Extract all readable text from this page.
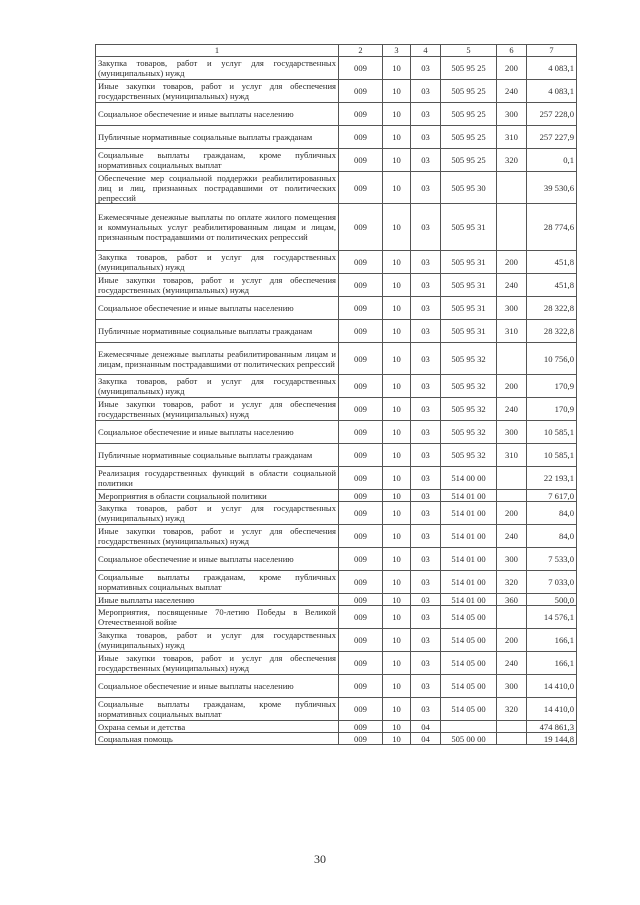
1	2	3	4	5	6	7
Закупка товаров, работ и услуг для государственных (муниципальных) нужд	009	10	03	505 95 25	200	4 083,1
Иные закупки товаров, работ и услуг для обеспечения государственных (муниципальных) нужд	009	10	03	505 95 25	240	4 083,1
Социальное обеспечение и иные выплаты населению	009	10	03	505 95 25	300	257 228,0
Публичные нормативные социальные выплаты гражданам	009	10	03	505 95 25	310	257 227,9
Социальные выплаты гражданам, кроме публичных нормативных социальных выплат	009	10	03	505 95 25	320	0,1
Обеспечение мер социальной поддержки реабилитированных лиц и лиц, признанных пострадавшими от политических репрессий	009	10	03	505 95 30		39 530,6
Ежемесячные денежные выплаты по оплате жилого помещения и коммунальных услуг реабилитированным лицам и лицам, признанным пострадавшими от политических репрессий	009	10	03	505 95 31		28 774,6
Закупка товаров, работ и услуг для государственных (муниципальных) нужд	009	10	03	505 95 31	200	451,8
Иные закупки товаров, работ и услуг для обеспечения государственных (муниципальных) нужд	009	10	03	505 95 31	240	451,8
Социальное обеспечение и иные выплаты населению	009	10	03	505 95 31	300	28 322,8
Публичные нормативные социальные выплаты гражданам	009	10	03	505 95 31	310	28 322,8
Ежемесячные денежные выплаты реабилитированным лицам и лицам, признанным пострадавшими от политических репрессий	009	10	03	505 95 32		10 756,0
Закупка товаров, работ и услуг для государственных (муниципальных) нужд	009	10	03	505 95 32	200	170,9
Иные закупки товаров, работ и услуг для обеспечения государственных (муниципальных) нужд	009	10	03	505 95 32	240	170,9
Социальное обеспечение и иные выплаты населению	009	10	03	505 95 32	300	10 585,1
Публичные нормативные социальные выплаты гражданам	009	10	03	505 95 32	310	10 585,1
Реализация государственных функций в области социальной политики	009	10	03	514 00 00		22 193,1
Мероприятия в области социальной политики	009	10	03	514 01 00		7 617,0
Закупка товаров, работ и услуг для государственных (муниципальных) нужд	009	10	03	514 01 00	200	84,0
Иные закупки товаров, работ и услуг для обеспечения государственных (муниципальных) нужд	009	10	03	514 01 00	240	84,0
Социальное обеспечение и иные выплаты населению	009	10	03	514 01 00	300	7 533,0
Социальные выплаты гражданам, кроме публичных нормативных социальных выплат	009	10	03	514 01 00	320	7 033,0
Иные выплаты населению	009	10	03	514 01 00	360	500,0
Мероприятия, посвященные 70-летию Победы в Великой Отечественной войне	009	10	03	514 05 00		14 576,1
Закупка товаров, работ и услуг для государственных (муниципальных) нужд	009	10	03	514 05 00	200	166,1
Иные закупки товаров, работ и услуг для обеспечения государственных (муниципальных) нужд	009	10	03	514 05 00	240	166,1
Социальное обеспечение и иные выплаты населению	009	10	03	514 05 00	300	14 410,0
Социальные выплаты гражданам, кроме публичных нормативных социальных выплат	009	10	03	514 05 00	320	14 410,0
Охрана семьи и детства	009	10	04			474 861,3
Социальная помощь	009	10	04	505 00 00		19 144,8
30
